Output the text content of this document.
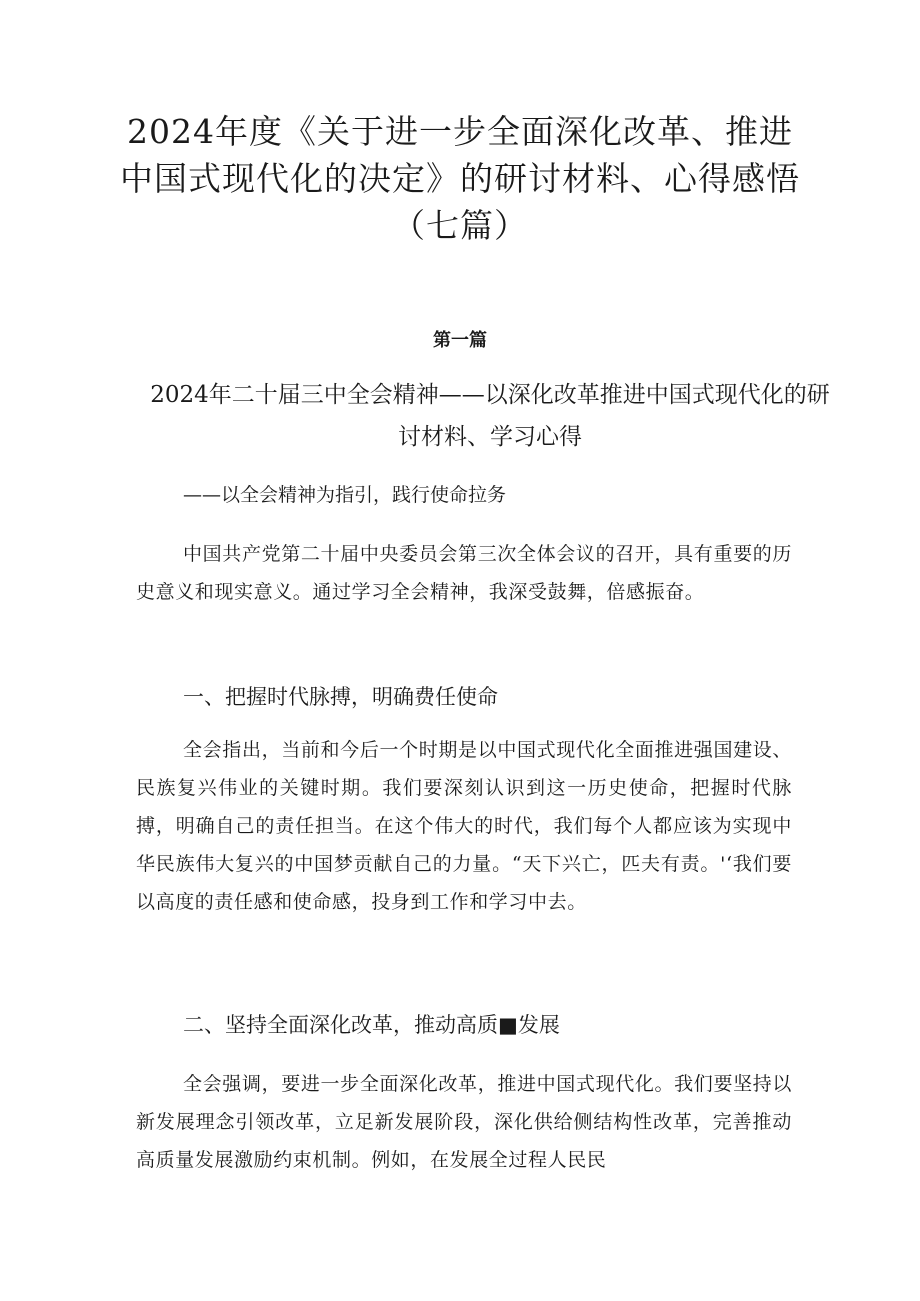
2024年度《关于进一步全面深化改革、推进中国式现代化的决定》的研讨材料、心得感悟（七篇）
第一篇
2024年二十届三中全会精神——以深化改革推进中国式现代化的研讨材料、学习心得
——以全会精神为指引，践行使命拉务

中国共产党第二十届中央委员会第三次全体会议的召开，具有重要的历史意义和现实意义。通过学习全会精神，我深受鼓舞，倍感振奋。

一、把握时代脉搏，明确费任使命

全会指出，当前和今后一个时期是以中国式现代化全面推进强国建设、民族复兴伟业的关键时期。我们要深刻认识到这一历史使命，把握时代脉搏，明确自己的责任担当。在这个伟大的时代，我们每个人都应该为实现中华民族伟大复兴的中国梦贡献自己的力量。“天下兴亡，匹夫有责。'‘我们要以高度的责任感和使命感，投身到工作和学习中去。

二、坚持全面深化改革，推动高质■发展

全会强调，要进一步全面深化改革，推进中国式现代化。我们要坚持以新发展理念引领改革，立足新发展阶段，深化供给侧结构性改革，完善推动高质量发展激励约束机制。例如，在发展全过程人民民
